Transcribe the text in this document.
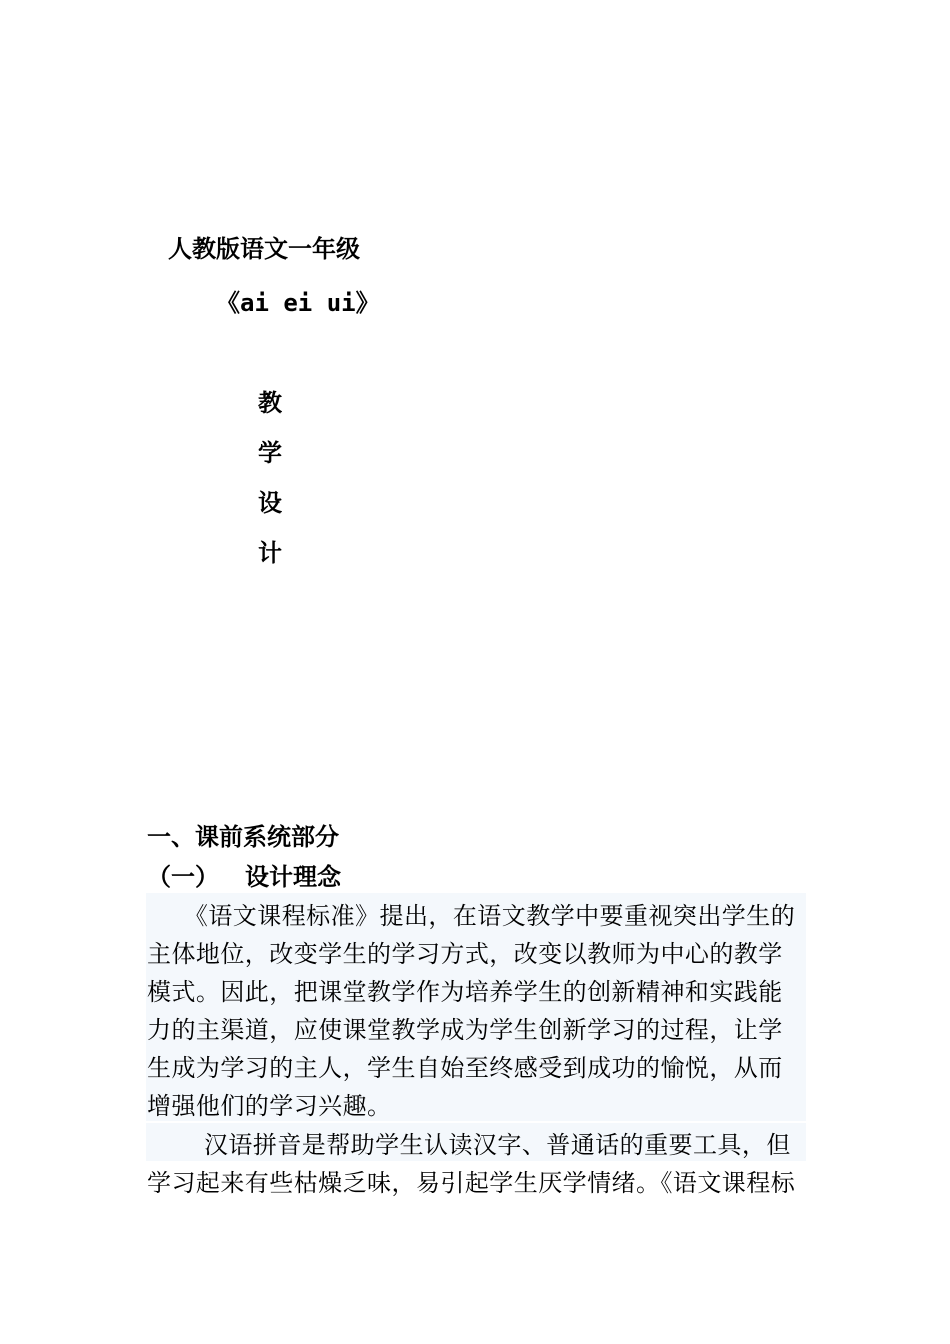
人教版语文一年级
《ai ei ui》
教
学
设
计
一、课前系统部分
（一） 设计理念
　　《语文课程标准》提出，在语文教学中要重视突出学生的
主体地位，改变学生的学习方式，改变以教师为中心的教学
模式。因此，把课堂教学作为培养学生的创新精神和实践能
力的主渠道，应使课堂教学成为学生创新学习的过程，让学
生成为学习的主人，学生自始至终感受到成功的愉悦，从而
增强他们的学习兴趣。
　　 汉语拼音是帮助学生认读汉字、普通话的重要工具，但
学习起来有些枯燥乏味，易引起学生厌学情绪。《语文课程标
